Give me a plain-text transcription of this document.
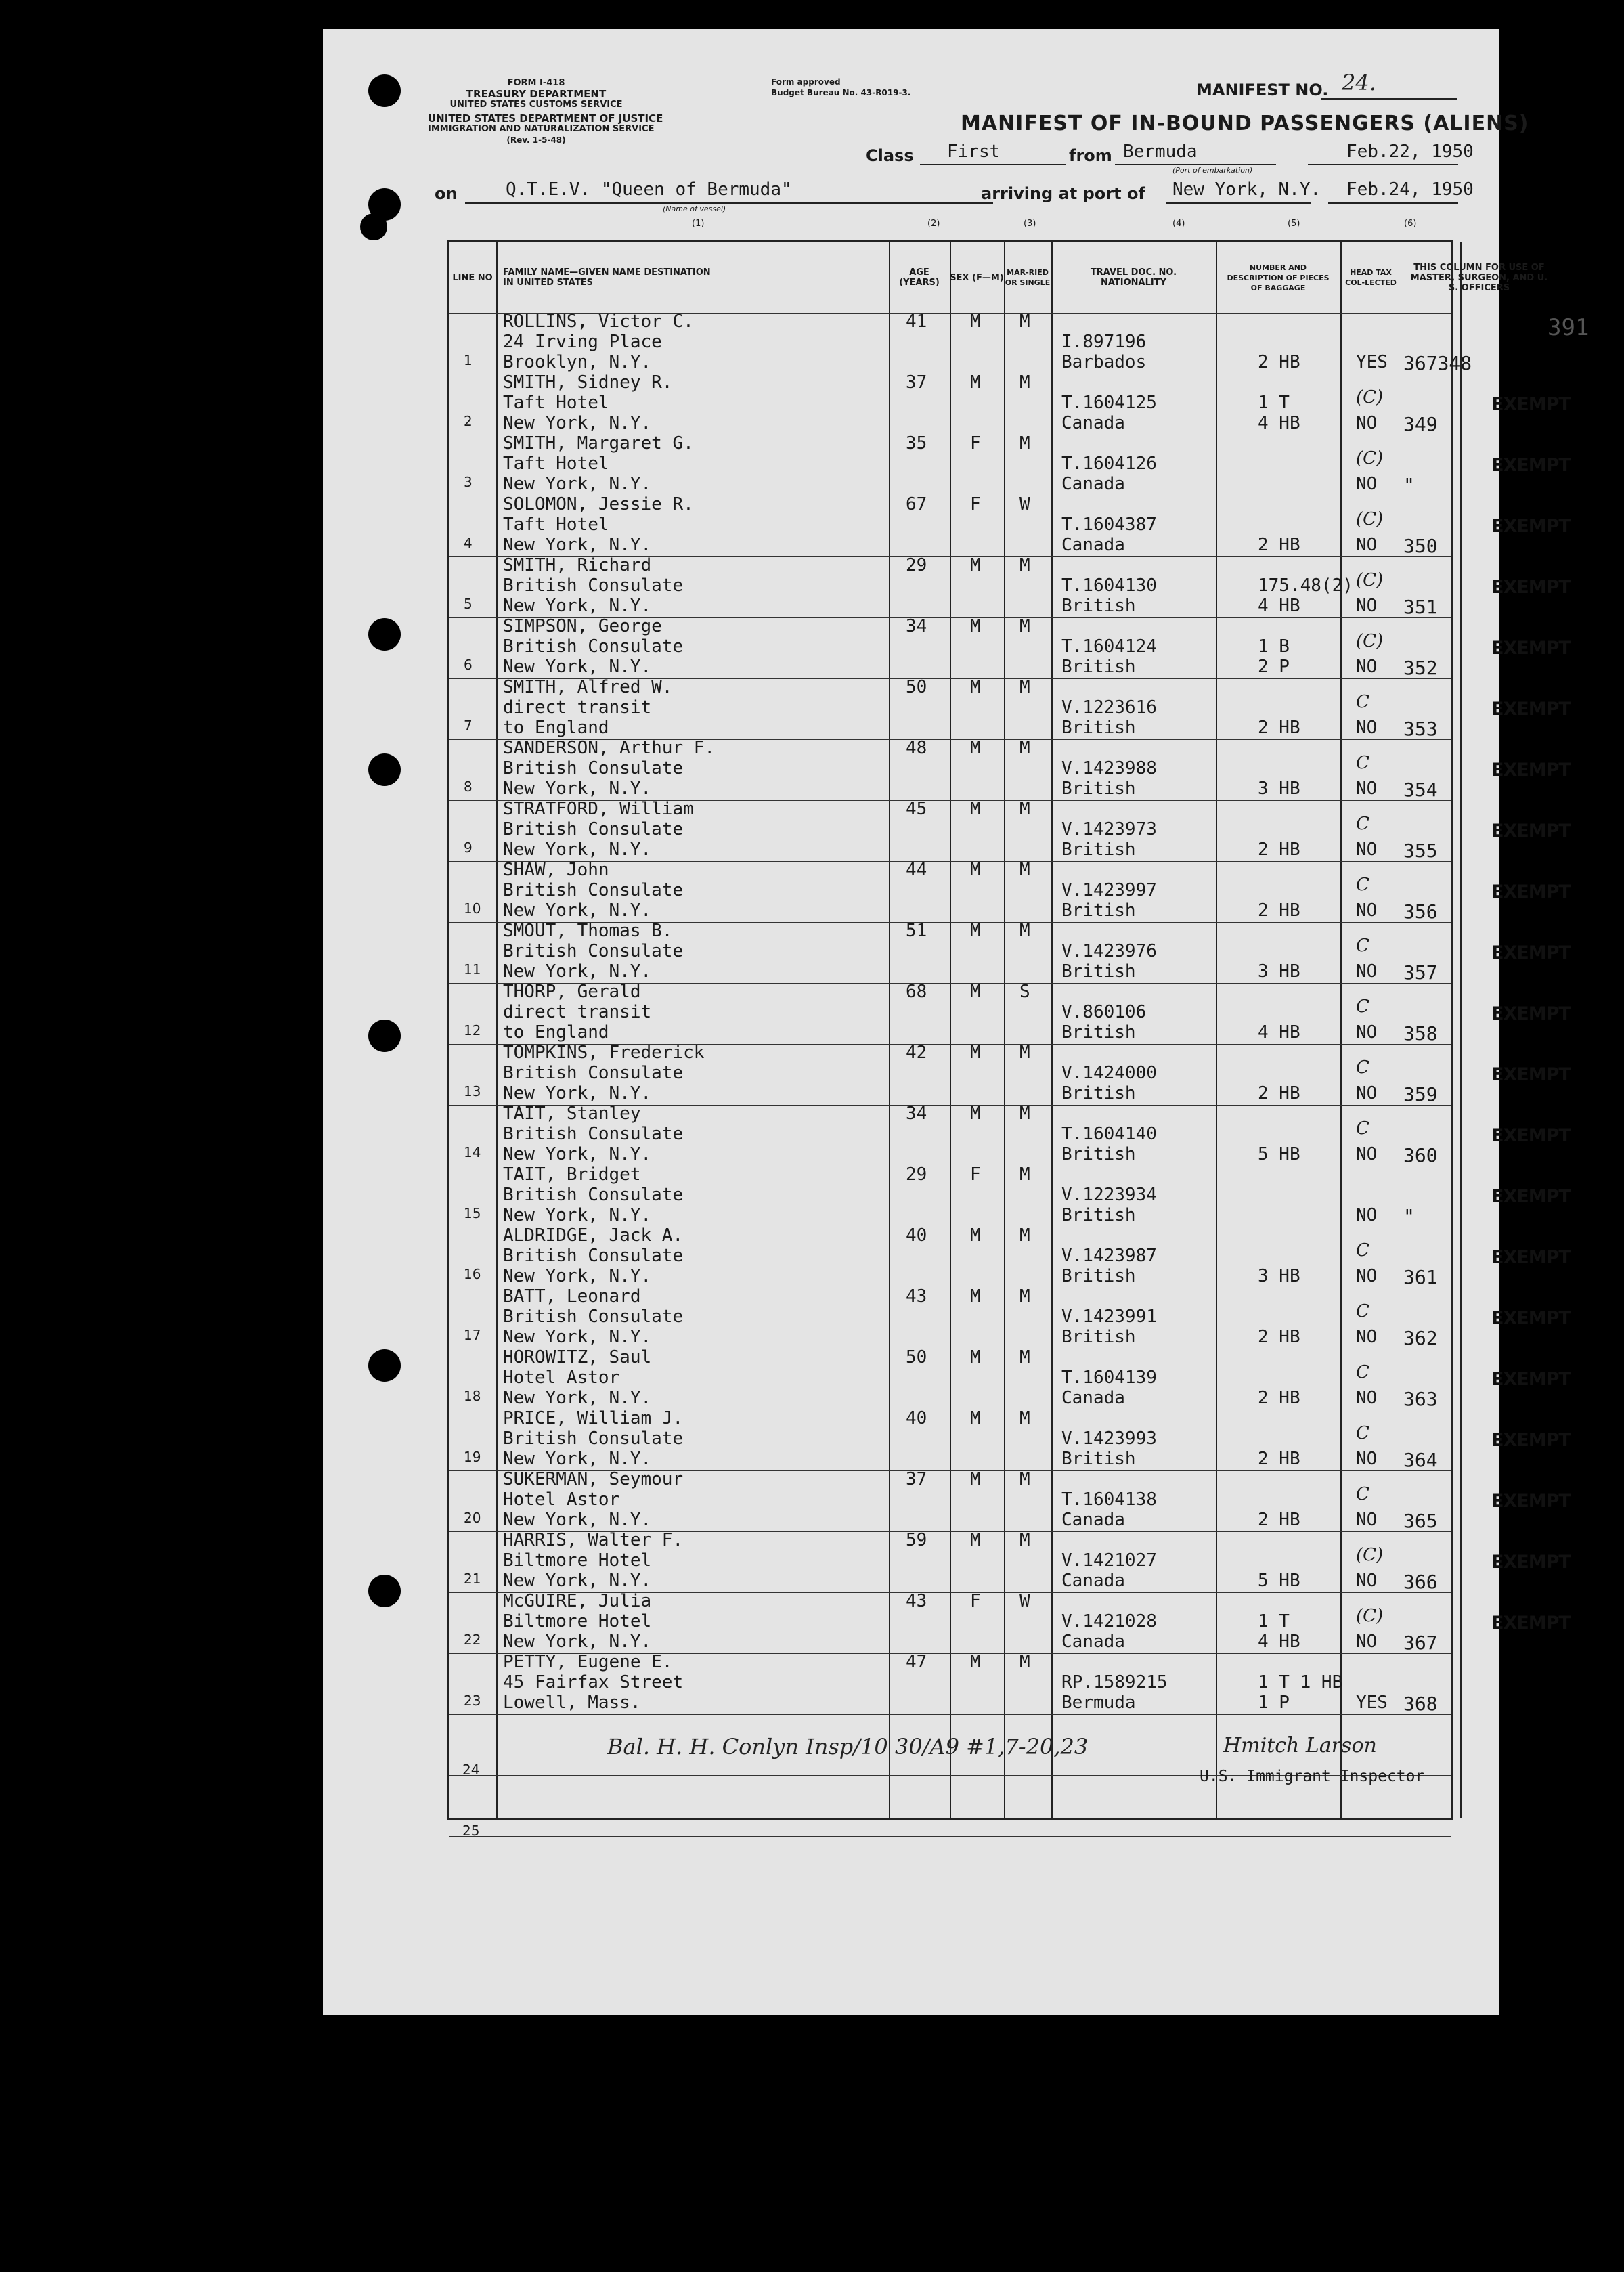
FORM I-418
TREASURY DEPARTMENT
UNITED STATES CUSTOMS SERVICE
UNITED STATES DEPARTMENT OF JUSTICE
IMMIGRATION AND NATURALIZATION SERVICE
(Rev. 1-5-48)
Form approved
Budget Bureau No. 43-R019-3.	MANIFEST NO. 24.
MANIFEST OF IN-BOUND PASSENGERS (ALIENS)
Class First	from Bermuda
(Port of embarkation)
Feb.22, 1950
on	Q.T.E.V. "Queen of Bermuda"
(Name of vessel)
arriving at port of New York, N.Y. Feb.24, 1950
(1)	(2)	(3)	(4)	(5)	(6)
LINE NO	FAMILY NAME—GIVEN NAME DESTINATION IN UNITED STATES
AGE (YEARS)	SEX (F—M) MAR-RIED OR SINGLE
TRAVEL DOC. NO. NATIONALITY
NUMBER AND DESCRIPTION OF PIECES OF BAGGAGE
HEAD TAX COL-LECTED
THIS COLUMN FOR USE OF MASTER, SURGEON, AND U. S. OFFICERS
1
ROLLINS, Victor C.
24 Irving Place
Brooklyn, N.Y.
41 M M
I.897196
Barbados	2 HB	YES 367348
391
2
SMITH, Sidney R.
Taft Hotel
New York, N.Y.
37 M M
T.1604125
Canada
1 T
4 HB
(C)
NO 349
EXEMPT
3
SMITH, Margaret G.
Taft Hotel
New York, N.Y.
35 F M
T.1604126
Canada
(C)
NO "
EXEMPT
4
SOLOMON, Jessie R.
Taft Hotel
New York, N.Y.
67 F W
T.1604387
Canada	2 HB
(C)
NO 350
EXEMPT
5
SMITH, Richard
British Consulate
New York, N.Y.
29 M M
T.1604130
British
175.48(2)
4 HB
(C)
NO 351
EXEMPT
6
SIMPSON, George
British Consulate
New York, N.Y.
34 M M
T.1604124
British
1 B
2 P
(C)
NO 352
EXEMPT
7
SMITH, Alfred W.
direct transit
to England
50 M M
V.1223616
British	2 HB
C
NO 353
EXEMPT
8
SANDERSON, Arthur F.
British Consulate
New York, N.Y.
48 M M
V.1423988
British	3 HB
C
NO 354
EXEMPT
9
STRATFORD, William
British Consulate
New York, N.Y.
45 M M
V.1423973
British	2 HB
C
NO 355
EXEMPT
10
SHAW, John
British Consulate
New York, N.Y.
44 M M
V.1423997
British	2 HB
C
NO 356
EXEMPT
11
SMOUT, Thomas B.
British Consulate
New York, N.Y.
51 M M
V.1423976
British	3 HB
C
NO 357
EXEMPT
12
THORP, Gerald
direct transit
to England
68 M S
V.860106
British	4 HB
C
NO 358
EXEMPT
13
TOMPKINS, Frederick
British Consulate
New York, N.Y.
42 M M
V.1424000
British	2 HB
C
NO 359
EXEMPT
14
TAIT, Stanley
British Consulate
New York, N.Y.
34 M M
T.1604140
British	5 HB
C
NO 360
EXEMPT
15
TAIT, Bridget
British Consulate
New York, N.Y.
29 F M
V.1223934
British	NO "
EXEMPT
16
ALDRIDGE, Jack A.
British Consulate
New York, N.Y.
40 M M
V.1423987
British	3 HB
C
NO 361
EXEMPT
17
BATT, Leonard
British Consulate
New York, N.Y.
43 M M
V.1423991
British	2 HB
C
NO 362
EXEMPT
18
HOROWITZ, Saul
Hotel Astor
New York, N.Y.
50 M M
T.1604139
Canada	2 HB
C
NO 363
EXEMPT
19
PRICE, William J.
British Consulate
New York, N.Y.
40 M M
V.1423993
British	2 HB
C
NO 364
EXEMPT
20
SUKERMAN, Seymour
Hotel Astor
New York, N.Y.
37 M M
T.1604138
Canada	2 HB
C
NO 365
EXEMPT
21
HARRIS, Walter F.
Biltmore Hotel
New York, N.Y.
59 M M
V.1421027
Canada	5 HB
(C)
NO 366
EXEMPT
22
McGUIRE, Julia
Biltmore Hotel
New York, N.Y.
43 F W
V.1421028
Canada
1 T
4 HB
(C)
NO 367
EXEMPT
23
PETTY, Eugene E.
45 Fairfax Street
Lowell, Mass.
47 M M
RP.1589215
Bermuda
1 T 1 HB
1 P	YES 368
24
25
Bal. H. H. Conlyn Insp/10 30/A9 #1,7-20,23	Hmitch Larson
U.S. Immigrant Inspector
